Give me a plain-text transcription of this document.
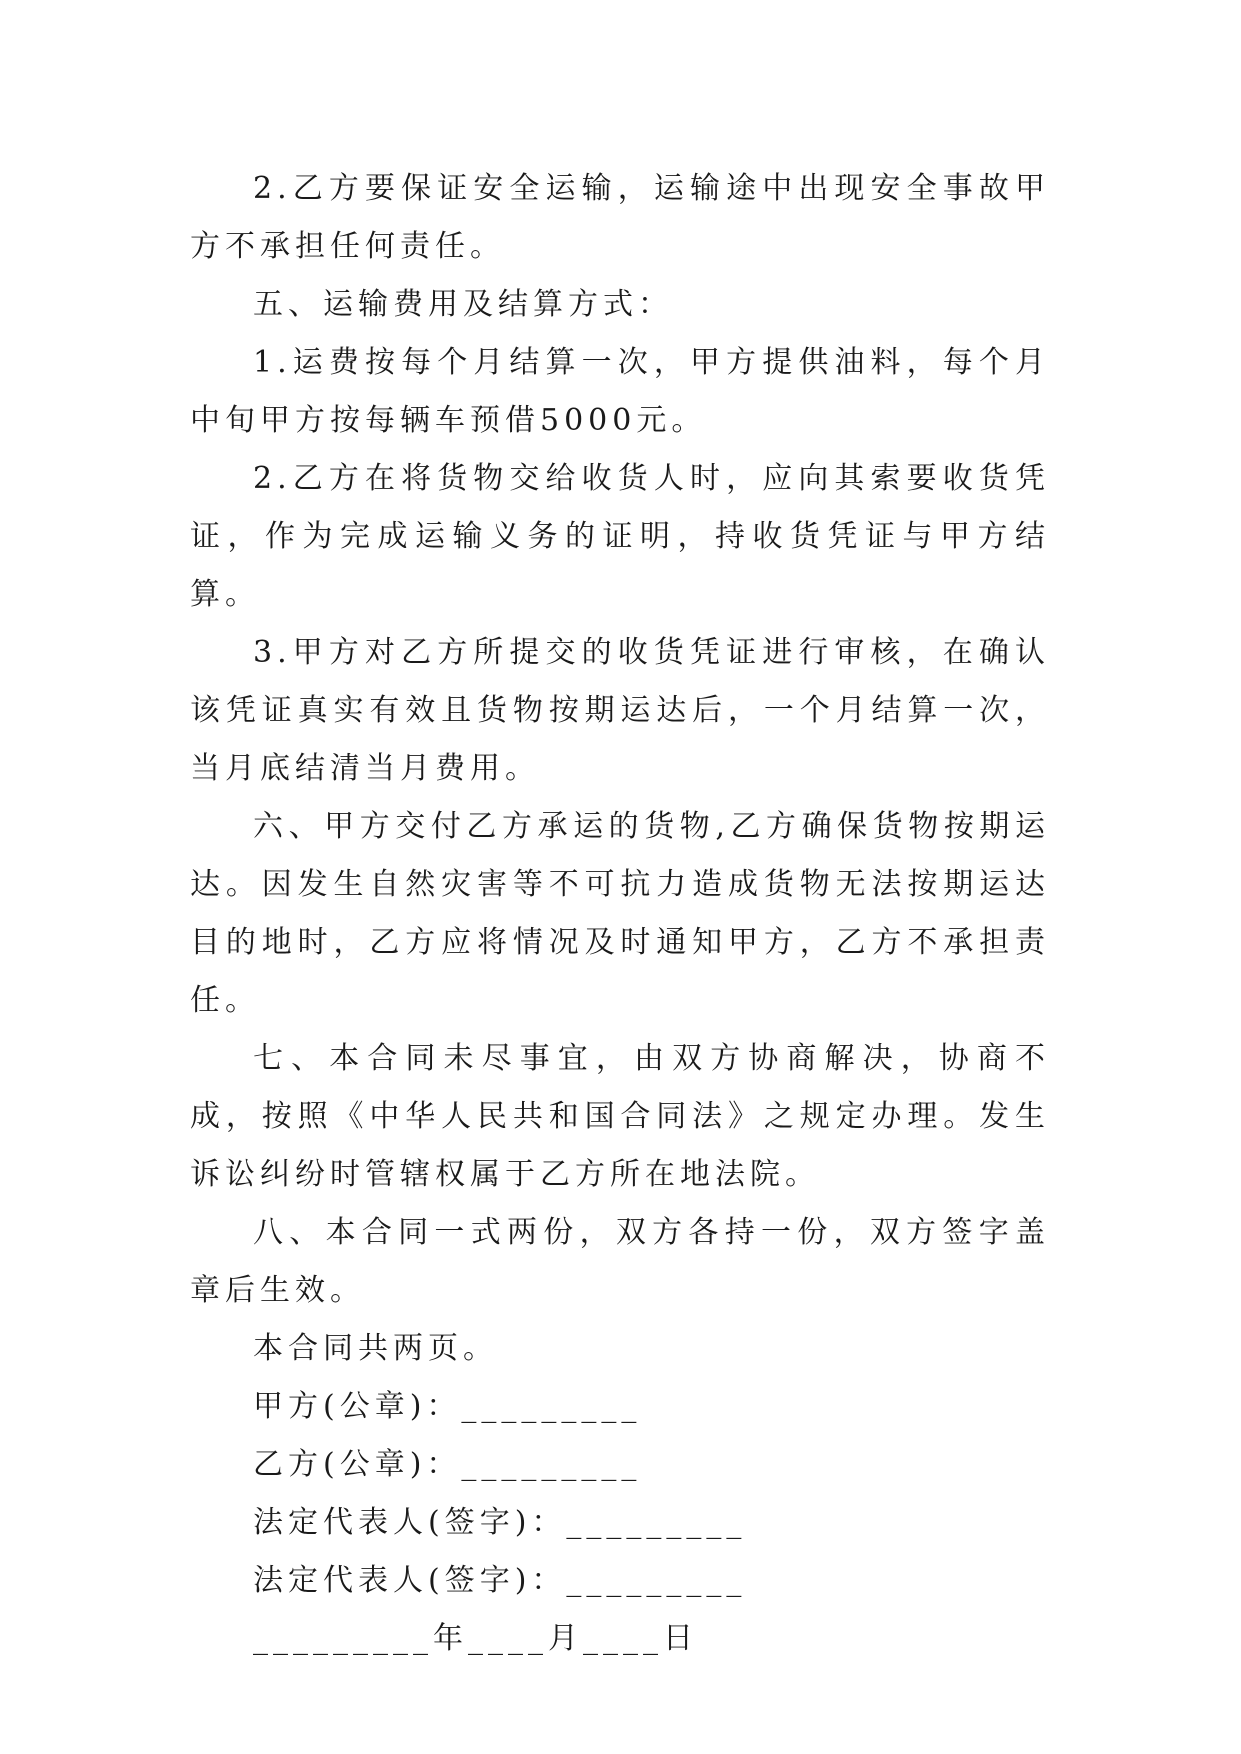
2.乙方要保证安全运输，运输途中出现安全事故甲方不承担任何责任。

五、运输费用及结算方式：

1.运费按每个月结算一次，甲方提供油料，每个月中旬甲方按每辆车预借5000元。

2.乙方在将货物交给收货人时，应向其索要收货凭证，作为完成运输义务的证明，持收货凭证与甲方结算。

3.甲方对乙方所提交的收货凭证进行审核，在确认该凭证真实有效且货物按期运达后，一个月结算一次，当月底结清当月费用。

六、甲方交付乙方承运的货物,乙方确保货物按期运达。因发生自然灾害等不可抗力造成货物无法按期运达目的地时，乙方应将情况及时通知甲方，乙方不承担责任。

七、本合同未尽事宜，由双方协商解决，协商不成，按照《中华人民共和国合同法》之规定办理。发生诉讼纠纷时管辖权属于乙方所在地法院。

八、本合同一式两份，双方各持一份，双方签字盖章后生效。

本合同共两页。

甲方(公章)：_________

乙方(公章)：_________

法定代表人(签字)：_________

法定代表人(签字)：_________

_________年____月____日
